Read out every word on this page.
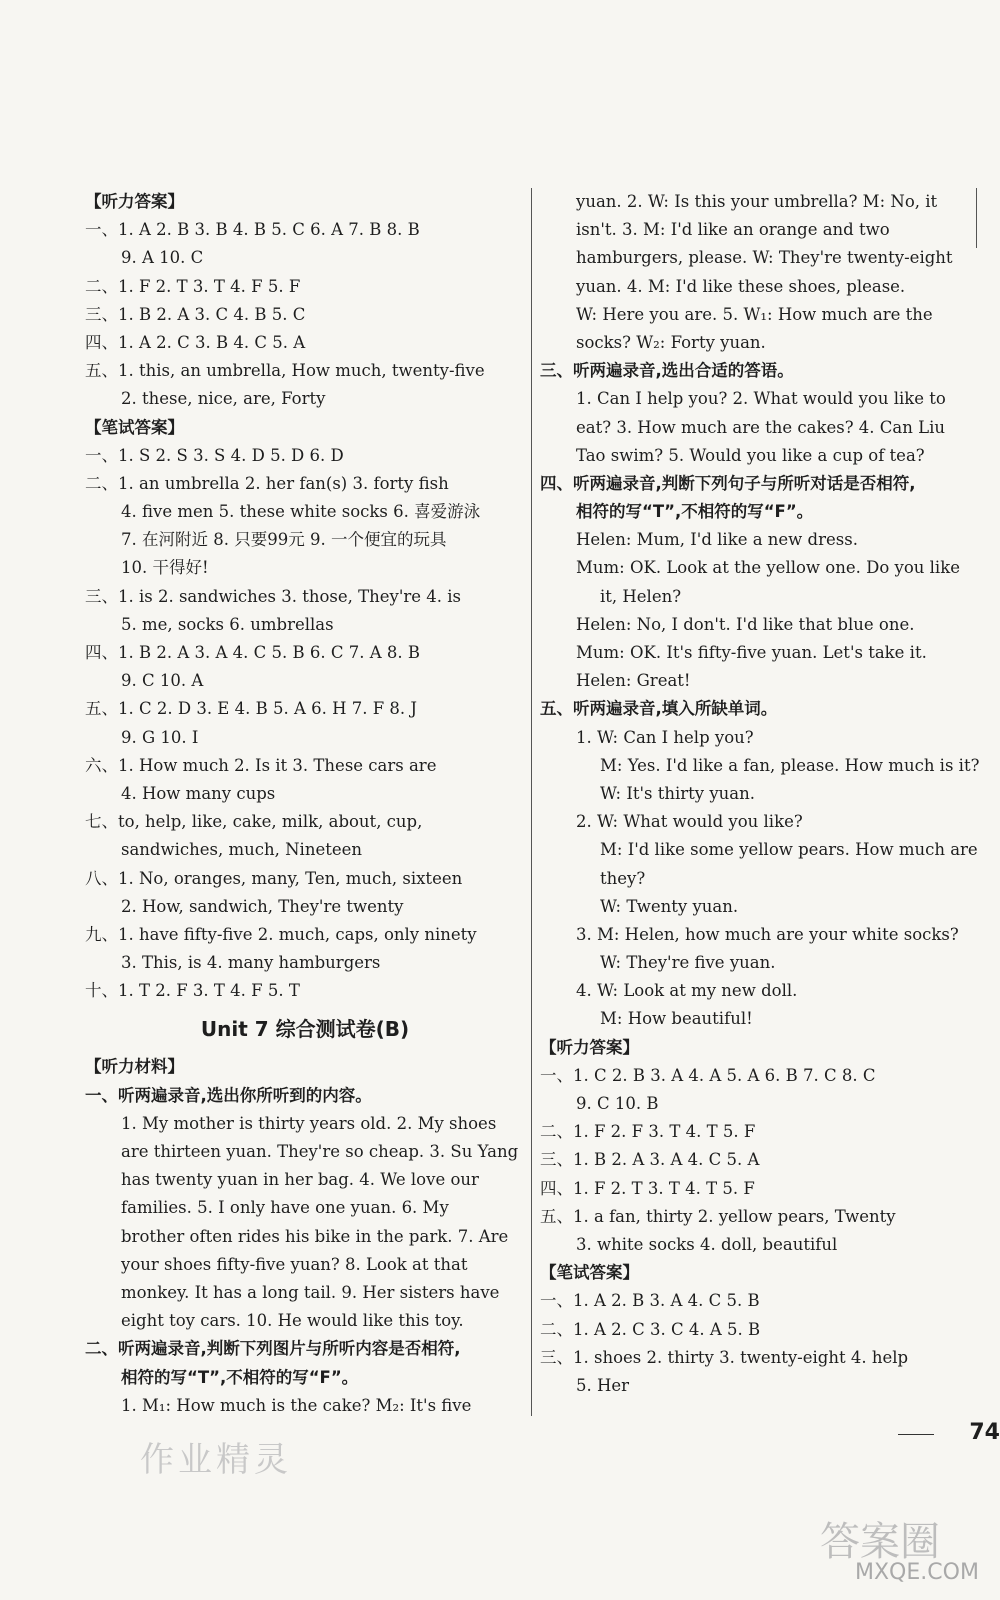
【听力答案】
一、1. A 2. B 3. B 4. B 5. C 6. A 7. B 8. B
9. A 10. C
二、1. F 2. T 3. T 4. F 5. F
三、1. B 2. A 3. C 4. B 5. C
四、1. A 2. C 3. B 4. C 5. A
五、1. this, an umbrella, How much, twenty-five
2. these, nice, are, Forty
【笔试答案】
一、1. S 2. S 3. S 4. D 5. D 6. D
二、1. an umbrella 2. her fan(s) 3. forty fish
4. five men 5. these white socks 6. 喜爱游泳
7. 在河附近 8. 只要99元 9. 一个便宜的玩具
10. 干得好!
三、1. is 2. sandwiches 3. those, They're 4. is
5. me, socks 6. umbrellas
四、1. B 2. A 3. A 4. C 5. B 6. C 7. A 8. B
9. C 10. A
五、1. C 2. D 3. E 4. B 5. A 6. H 7. F 8. J
9. G 10. I
六、1. How much 2. Is it 3. These cars are
4. How many cups
七、to, help, like, cake, milk, about, cup,
sandwiches, much, Nineteen
八、1. No, oranges, many, Ten, much, sixteen
2. How, sandwich, They're twenty
九、1. have fifty-five 2. much, caps, only ninety
3. This, is 4. many hamburgers
十、1. T 2. F 3. T 4. F 5. T
Unit 7 综合测试卷(B)
【听力材料】
一、听两遍录音,选出你所听到的内容。
1. My mother is thirty years old. 2. My shoes
are thirteen yuan. They're so cheap. 3. Su Yang
has twenty yuan in her bag. 4. We love our
families. 5. I only have one yuan. 6. My
brother often rides his bike in the park. 7. Are
your shoes fifty-five yuan? 8. Look at that
monkey. It has a long tail. 9. Her sisters have
eight toy cars. 10. He would like this toy.
二、听两遍录音,判断下列图片与所听内容是否相符,
相符的写“T”,不相符的写“F”。
1. M₁: How much is the cake? M₂: It's five
yuan. 2. W: Is this your umbrella? M: No, it
isn't. 3. M: I'd like an orange and two
hamburgers, please. W: They're twenty-eight
yuan. 4. M: I'd like these shoes, please.
W: Here you are. 5. W₁: How much are the
socks? W₂: Forty yuan.
三、听两遍录音,选出合适的答语。
1. Can I help you? 2. What would you like to
eat? 3. How much are the cakes? 4. Can Liu
Tao swim? 5. Would you like a cup of tea?
四、听两遍录音,判断下列句子与所听对话是否相符,
相符的写“T”,不相符的写“F”。
Helen: Mum, I'd like a new dress.
Mum: OK. Look at the yellow one. Do you like
it, Helen?
Helen: No, I don't. I'd like that blue one.
Mum: OK. It's fifty-five yuan. Let's take it.
Helen: Great!
五、听两遍录音,填入所缺单词。
1. W: Can I help you?
M: Yes. I'd like a fan, please. How much is it?
W: It's thirty yuan.
2. W: What would you like?
M: I'd like some yellow pears. How much are
they?
W: Twenty yuan.
3. M: Helen, how much are your white socks?
W: They're five yuan.
4. W: Look at my new doll.
M: How beautiful!
【听力答案】
一、1. C 2. B 3. A 4. A 5. A 6. B 7. C 8. C
9. C 10. B
二、1. F 2. F 3. T 4. T 5. F
三、1. B 2. A 3. A 4. C 5. A
四、1. F 2. T 3. T 4. T 5. F
五、1. a fan, thirty 2. yellow pears, Twenty
3. white socks 4. doll, beautiful
【笔试答案】
一、1. A 2. B 3. A 4. C 5. B
二、1. A 2. C 3. C 4. A 5. B
三、1. shoes 2. thirty 3. twenty-eight 4. help
5. Her
74
作业精灵
答案圈
MXQE.COM
